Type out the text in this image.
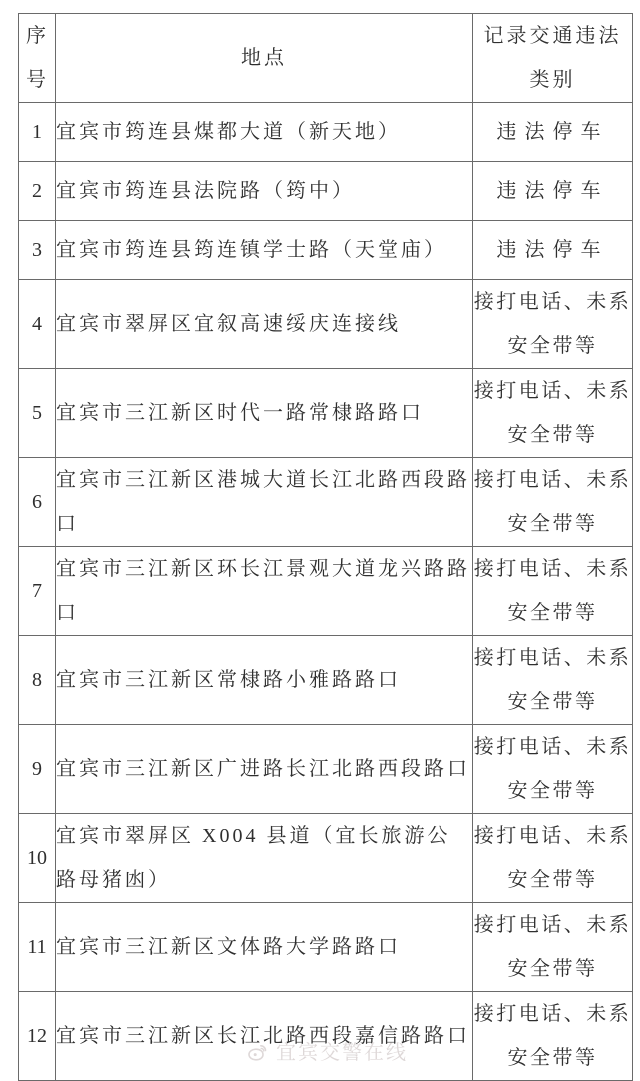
序号	地点	记录交通违法类别
1	宜宾市筠连县煤都大道（新天地）	违法停车
2	宜宾市筠连县法院路（筠中）	违法停车
3	宜宾市筠连县筠连镇学士路（天堂庙）	违法停车
4	宜宾市翠屏区宜叙高速绥庆连接线	接打电话、未系安全带等
5	宜宾市三江新区时代一路常棣路路口	接打电话、未系安全带等
6	宜宾市三江新区港城大道长江北路西段路口	接打电话、未系安全带等
7	宜宾市三江新区环长江景观大道龙兴路路口	接打电话、未系安全带等
8	宜宾市三江新区常棣路小雅路路口	接打电话、未系安全带等
9	宜宾市三江新区广进路长江北路西段路口	接打电话、未系安全带等
10	宜宾市翠屏区 X004 县道（宜长旅游公路母猪凼）	接打电话、未系安全带等
11	宜宾市三江新区文体路大学路路口	接打电话、未系安全带等
12	宜宾市三江新区长江北路西段嘉信路路口	接打电话、未系安全带等
宜宾交警在线
